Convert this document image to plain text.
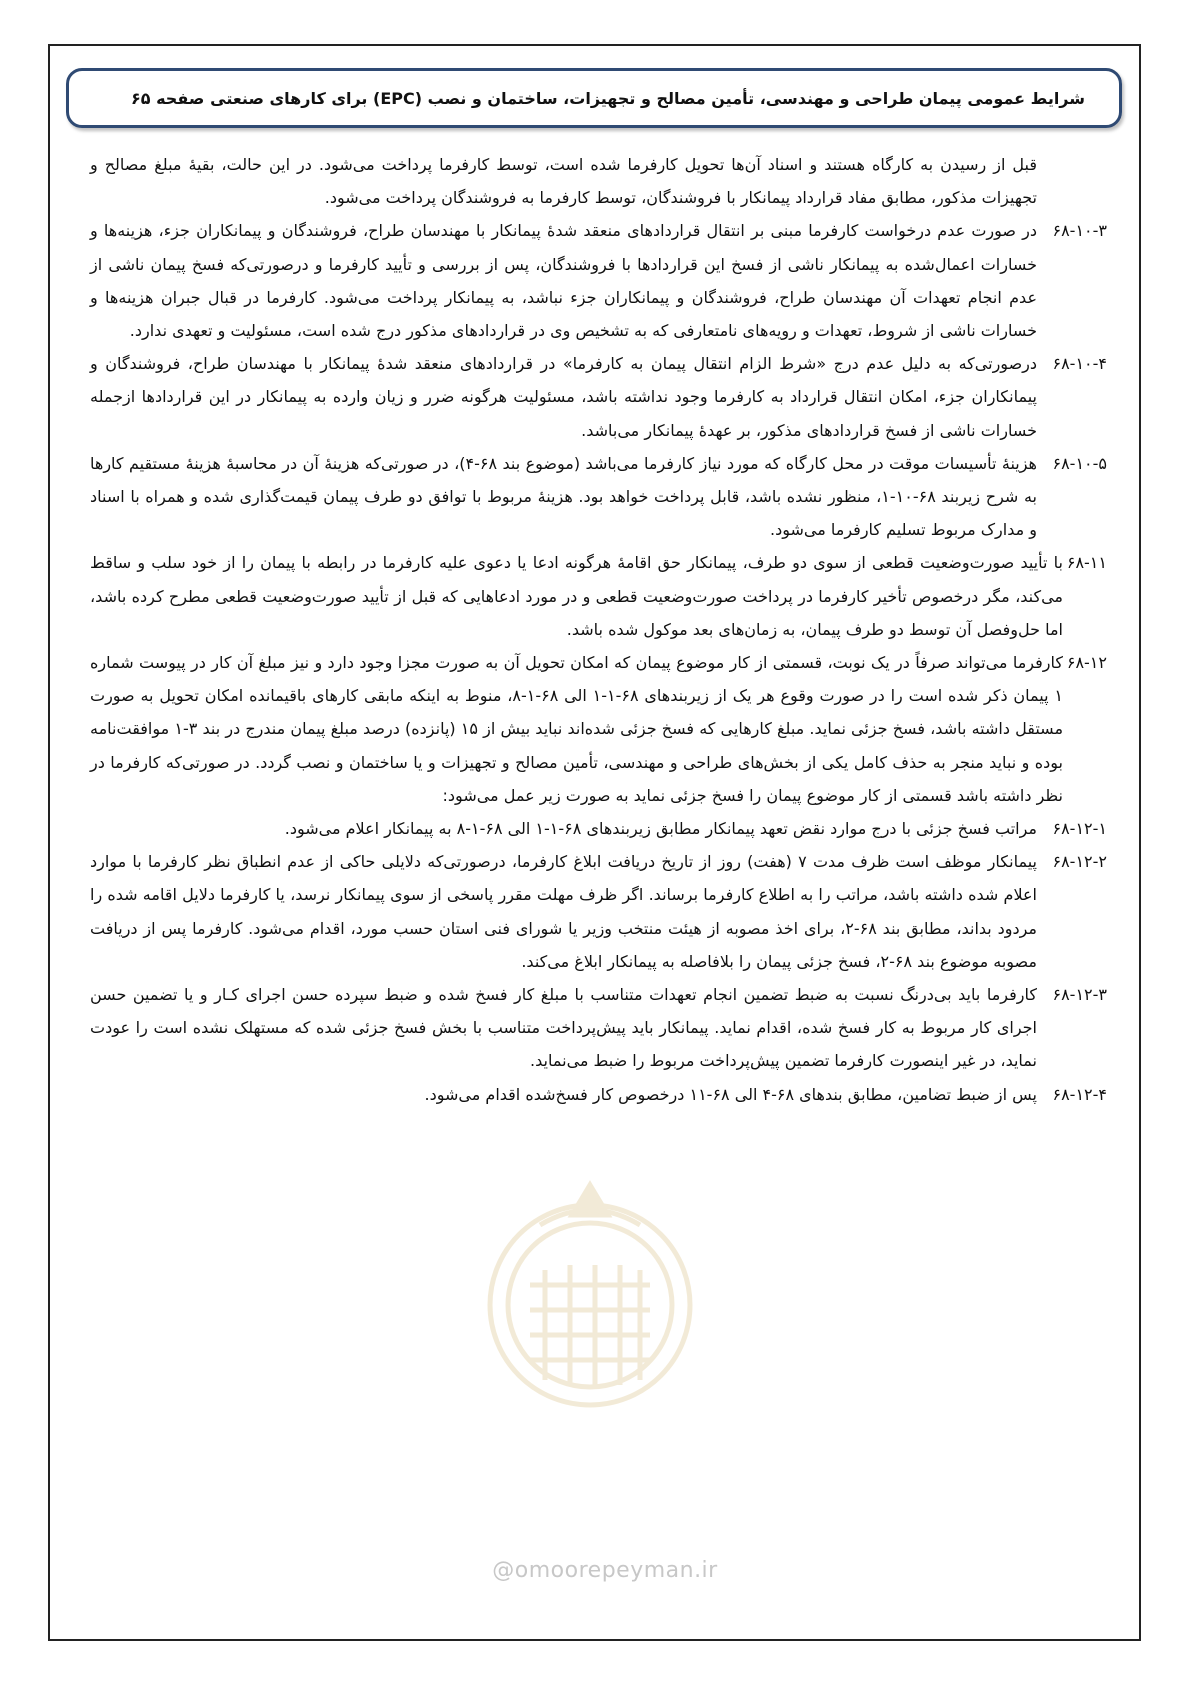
شرایط عمومی پیمان طراحی و مهندسی، تأمین مصالح و تجهیزات، ساختمان و نصب (EPC) برای کارهای صنعتی
صفحه ۶۵

قبل از رسیدن به کارگاه هستند و اسناد آن‌ها تحویل کارفرما شده است، توسط کارفرما پرداخت می‌شود. در این حالت، بقیهٔ مبلغ مصالح و تجهیزات مذکور، مطابق مفاد قرارداد پیمانکار با فروشندگان، توسط کارفرما به فروشندگان پرداخت می‌شود.

۶۸-۱۰-۳
در صورت عدم درخواست کارفرما مبنی بر انتقال قراردادهای منعقد شدهٔ پیمانکار با مهندسان طراح، فروشندگان و پیمانکاران جزء، هزینه‌ها و خسارات اعمال‌شده به پیمانکار ناشی از فسخ این قراردادها با فروشندگان، پس از بررسی و تأیید کارفرما و درصورتی‌که فسخ پیمان ناشی از عدم انجام تعهدات آن مهندسان طراح، فروشندگان و پیمانکاران جزء نباشد، به پیمانکار پرداخت می‌شود. کارفرما در قبال جبران هزینه‌ها و خسارات ناشی از شروط، تعهدات و رویه‌های نامتعارفی که به تشخیص وی در قراردادهای مذکور درج شده است، مسئولیت و تعهدی ندارد.
۶۸-۱۰-۴
درصورتی‌که به دلیل عدم درج «شرط الزام انتقال پیمان به کارفرما» در قراردادهای منعقد شدهٔ پیمانکار با مهندسان طراح، فروشندگان و پیمانکاران جزء، امکان انتقال قرارداد به کارفرما وجود نداشته باشد، مسئولیت هرگونه ضرر و زیان وارده به پیمانکار در این قراردادها ازجمله خسارات ناشی از فسخ قراردادهای مذکور، بر عهدهٔ پیمانکار می‌باشد.
۶۸-۱۰-۵
هزینهٔ تأسیسات موقت در محل کارگاه که مورد نیاز کارفرما می‌باشد (موضوع بند ۶۸-۴)، در صورتی‌که هزینهٔ آن در محاسبهٔ هزینهٔ مستقیم کارها به شرح زیربند ۶۸-۱۰-۱، منظور نشده باشد، قابل پرداخت خواهد بود. هزینهٔ مربوط با توافق دو طرف پیمان قیمت‌گذاری شده و همراه با اسناد و مدارک مربوط تسلیم کارفرما می‌شود.
۶۸-۱۱
با تأیید صورت‌وضعیت قطعی از سوی دو طرف، پیمانکار حق اقامهٔ هرگونه ادعا یا دعوی علیه کارفرما در رابطه با پیمان را از خود سلب و ساقط می‌کند، مگر درخصوص تأخیر کارفرما در پرداخت صورت‌وضعیت قطعی و در مورد ادعاهایی که قبل از تأیید صورت‌وضعیت قطعی مطرح کرده باشد، اما حل‌وفصل آن توسط دو طرف پیمان، به زمان‌های بعد موکول شده باشد.
۶۸-۱۲
کارفرما می‌تواند صرفاً در یک نوبت، قسمتی از کار موضوع پیمان که امکان تحویل آن به صورت مجزا وجود دارد و نیز مبلغ آن کار در پیوست شماره ۱ پیمان ذکر شده است را در صورت وقوع هر یک از زیربندهای ۶۸-۱-۱ الی ۶۸-۱-۸، منوط به اینکه مابقی کارهای باقیمانده امکان تحویل به صورت مستقل داشته باشد، فسخ جزئی نماید. مبلغ کارهایی که فسخ جزئی شده‌اند نباید بیش از ۱۵ (پانزده) درصد مبلغ پیمان مندرج در بند ۳-۱ موافقت‌نامه بوده و نباید منجر به حذف کامل یکی از بخش‌های طراحی و مهندسی، تأمین مصالح و تجهیزات و یا ساختمان و نصب گردد. در صورتی‌که کارفرما در نظر داشته باشد قسمتی از کار موضوع پیمان را فسخ جزئی نماید به صورت زیر عمل می‌شود:
۶۸-۱۲-۱
مراتب فسخ جزئی با درج موارد نقض تعهد پیمانکار مطابق زیربندهای ۶۸-۱-۱ الی ۶۸-۱-۸ به پیمانکار اعلام می‌شود.
۶۸-۱۲-۲
پیمانکار موظف است ظرف مدت ۷ (هفت) روز از تاریخ دریافت ابلاغ کارفرما، درصورتی‌که دلایلی حاکی از عدم انطباق نظر کارفرما با موارد اعلام شده داشته باشد، مراتب را به اطلاع کارفرما برساند. اگر ظرف مهلت مقرر پاسخی از سوی پیمانکار نرسد، یا کارفرما دلایل اقامه شده را مردود بداند، مطابق بند ۶۸-۲، برای اخذ مصوبه از هیئت منتخب وزیر یا شورای فنی استان حسب مورد، اقدام می‌شود. کارفرما پس از دریافت مصوبه موضوع بند ۶۸-۲، فسخ جزئی پیمان را بلافاصله به پیمانکار ابلاغ می‌کند.
۶۸-۱۲-۳
کارفرما باید بی‌درنگ نسبت به ضبط تضمین انجام تعهدات متناسب با مبلغ کار فسخ شده و ضبط سپرده حسن اجرای کـار و یا تضمین حسن اجرای کار مربوط به کار فسخ شده، اقدام نماید. پیمانکار باید پیش‌پرداخت متناسب با بخش فسخ جزئی شده که مستهلک نشده است را عودت نماید، در غیر اینصورت کارفرما تضمین پیش‌پرداخت مربوط را ضبط می‌نماید.
۶۸-۱۲-۴
پس از ضبط تضامین، مطابق بندهای ۶۸-۴ الی ۶۸-۱۱ درخصوص کار فسخ‌شده اقدام می‌شود.
@omoorepeyman.ir
